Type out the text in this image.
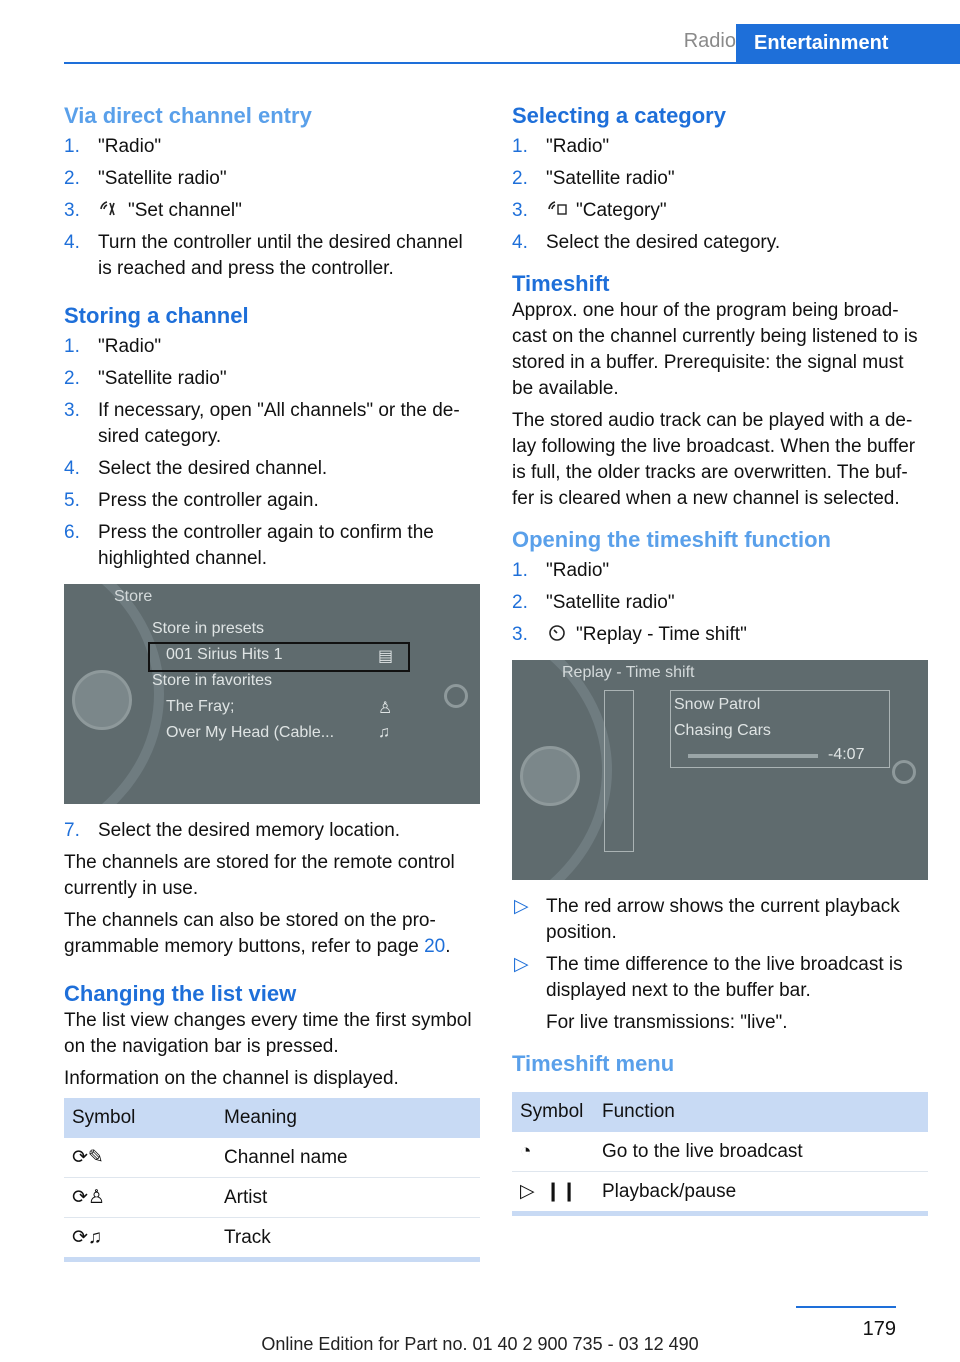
Radio Entertainment
Via direct channel entry
1. "Radio"
2. "Satellite radio"
3.	"Set channel"
4. Turn the controller until the desired channel is reached and press the controller.
Storing a channel
1. "Radio"
2. "Satellite radio"
3. If necessary, open "All channels" or the de-sired category.
4. Select the desired channel.
5. Press the controller again.
6. Press the controller again to confirm the highlighted channel.
Store
Store in presets
001 Sirius Hits 1	▤
Store in favorites
The Fray;	♙
Over My Head (Cable...	♫
7. Select the desired memory location.

The channels are stored for the remote control currently in use.

The channels can also be stored on the pro-grammable memory buttons, refer to page 20.

Changing the list view

The list view changes every time the first symbol on the navigation bar is pressed.

Information on the channel is displayed.

Symbol	Meaning
⟳✎	Channel name
⟳♙	Artist
⟳♫	Track
Selecting a category
1. "Radio"
2. "Satellite radio"
3.	"Category"
4. Select the desired category.
Timeshift

Approx. one hour of the program being broad-cast on the channel currently being listened to is stored in a buffer. Prerequisite: the signal must be available.

The stored audio track can be played with a de-lay following the live broadcast. When the buffer is full, the older tracks are overwritten. The buf-fer is cleared when a new channel is selected.

Opening the timeshift function
1. "Radio"
2. "Satellite radio"
3.	"Replay - Time shift"
Replay - Time shift
Snow Patrol
Chasing Cars
-4:07
▷ The red arrow shows the current playback position.
▷ The time difference to the live broadcast is displayed next to the buffer bar.

For live transmissions: "live".

Timeshift menu
Symbol	Function
◔	Go to the live broadcast
▷  ❙❙	Playback/pause
179
Online Edition for Part no. 01 40 2 900 735 - 03 12 490
